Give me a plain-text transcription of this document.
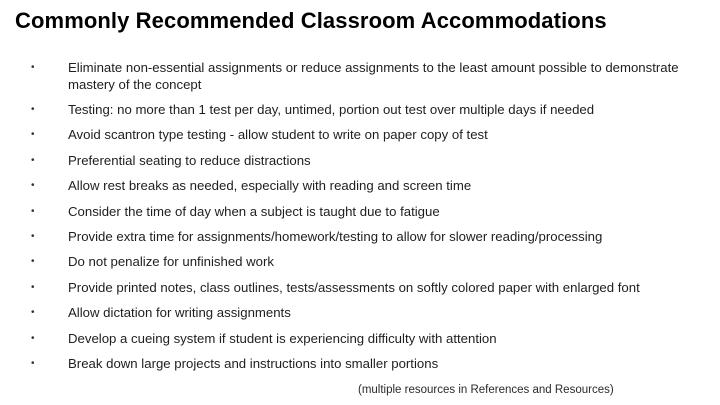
Commonly Recommended Classroom Accommodations
•	Eliminate non-essential assignments or reduce assignments to the least amount possible to demonstrate mastery of the concept
•	Testing: no more than 1 test per day, untimed, portion out test over multiple days if needed
•	Avoid scantron type testing - allow student to write on paper copy of test
•	Preferential seating to reduce distractions
•	Allow rest breaks as needed, especially with reading and screen time
•	Consider the time of day when a subject is taught due to fatigue
•	Provide extra time for assignments/homework/testing to allow for slower reading/processing
•	Do not penalize for unfinished work
•	Provide printed notes, class outlines, tests/assessments on softly colored paper with enlarged font
•	Allow dictation for writing assignments
•	Develop a cueing system if student is experiencing difficulty with attention
•	Break down large projects and instructions into smaller portions
(multiple resources in References and Resources)
